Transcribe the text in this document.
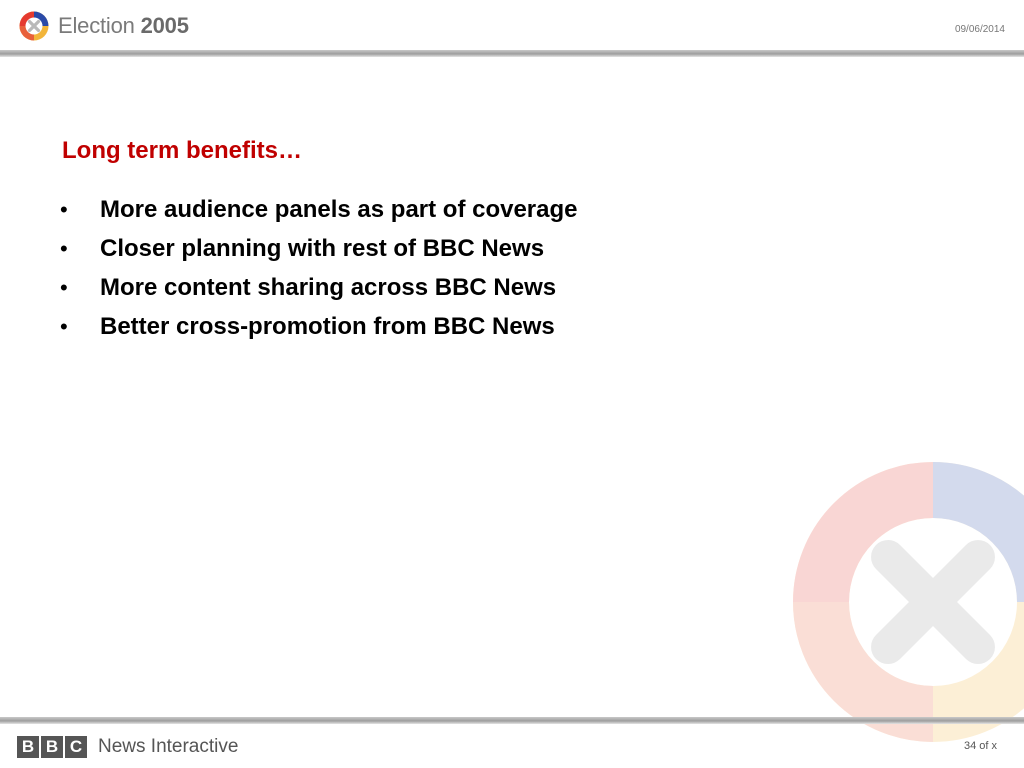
Election 2005	09/06/2014
Long term benefits…
• More audience panels as part of coverage
• Closer planning with rest of BBC News
• More content sharing across BBC News
• Better cross-promotion from BBC News
B B C News Interactive	34 of x
